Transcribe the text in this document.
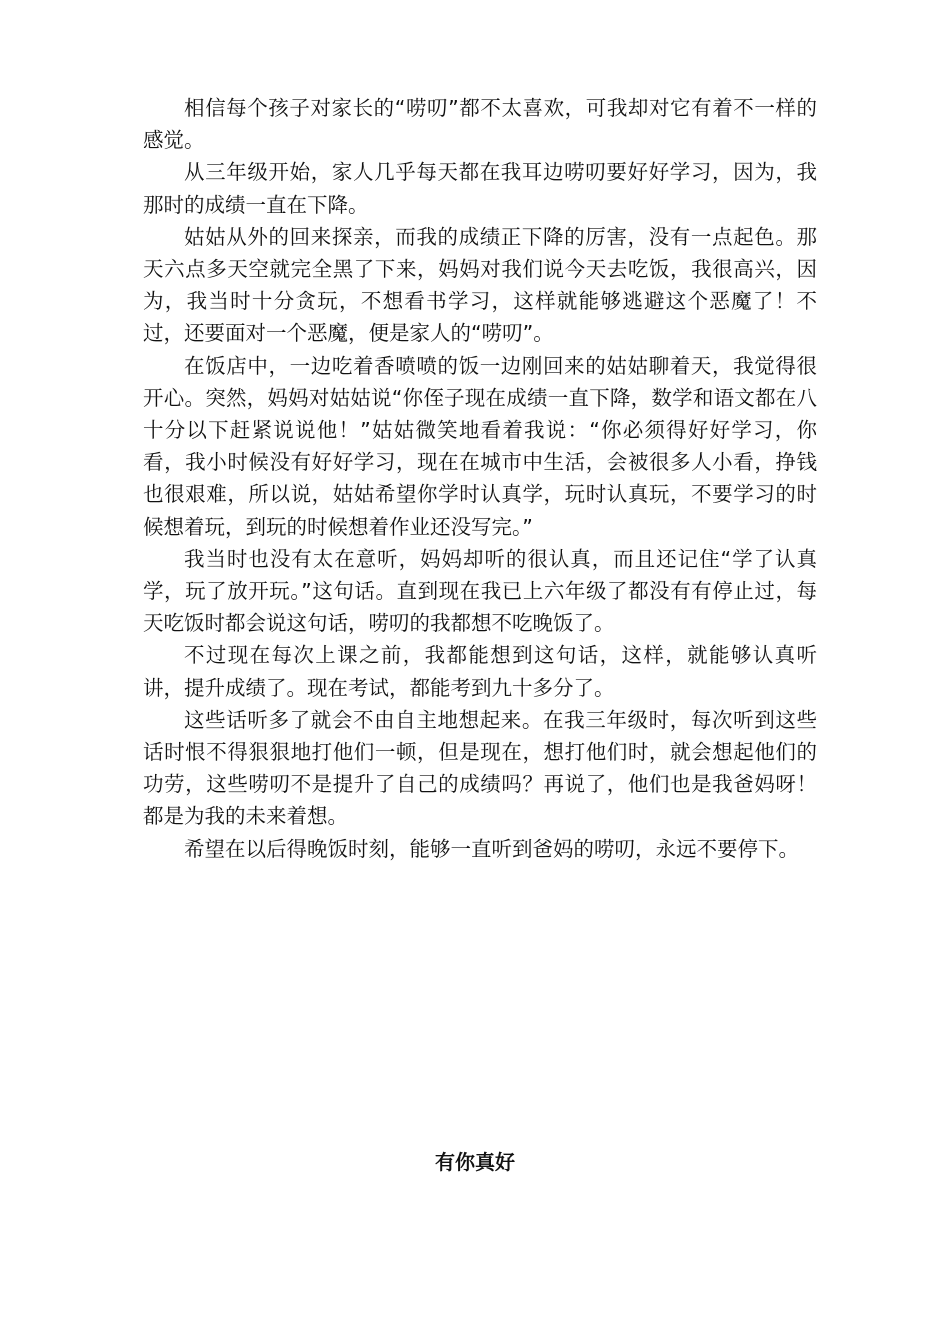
相信每个孩子对家长的“唠叨”都不太喜欢，可我却对它有着不一样的感觉。

从三年级开始，家人几乎每天都在我耳边唠叨要好好学习，因为，我那时的成绩一直在下降。

姑姑从外的回来探亲，而我的成绩正下降的厉害，没有一点起色。那天六点多天空就完全黑了下来，妈妈对我们说今天去吃饭，我很高兴，因为，我当时十分贪玩，不想看书学习，这样就能够逃避这个恶魔了！不过，还要面对一个恶魔，便是家人的“唠叨”。

在饭店中，一边吃着香喷喷的饭一边刚回来的姑姑聊着天，我觉得很开心。突然，妈妈对姑姑说“你侄子现在成绩一直下降，数学和语文都在八十分以下赶紧说说他！”姑姑微笑地看着我说：“你必须得好好学习，你看，我小时候没有好好学习，现在在城市中生活，会被很多人小看，挣钱也很艰难，所以说，姑姑希望你学时认真学，玩时认真玩，不要学习的时候想着玩，到玩的时候想着作业还没写完。”

我当时也没有太在意听，妈妈却听的很认真，而且还记住“学了认真学，玩了放开玩。”这句话。直到现在我已上六年级了都没有有停止过，每天吃饭时都会说这句话，唠叨的我都想不吃晚饭了。

不过现在每次上课之前，我都能想到这句话，这样，就能够认真听讲，提升成绩了。现在考试，都能考到九十多分了。

这些话听多了就会不由自主地想起来。在我三年级时，每次听到这些话时恨不得狠狠地打他们一顿，但是现在，想打他们时，就会想起他们的功劳，这些唠叨不是提升了自己的成绩吗？再说了，他们也是我爸妈呀！都是为我的未来着想。

希望在以后得晚饭时刻，能够一直听到爸妈的唠叨，永远不要停下。

有你真好
